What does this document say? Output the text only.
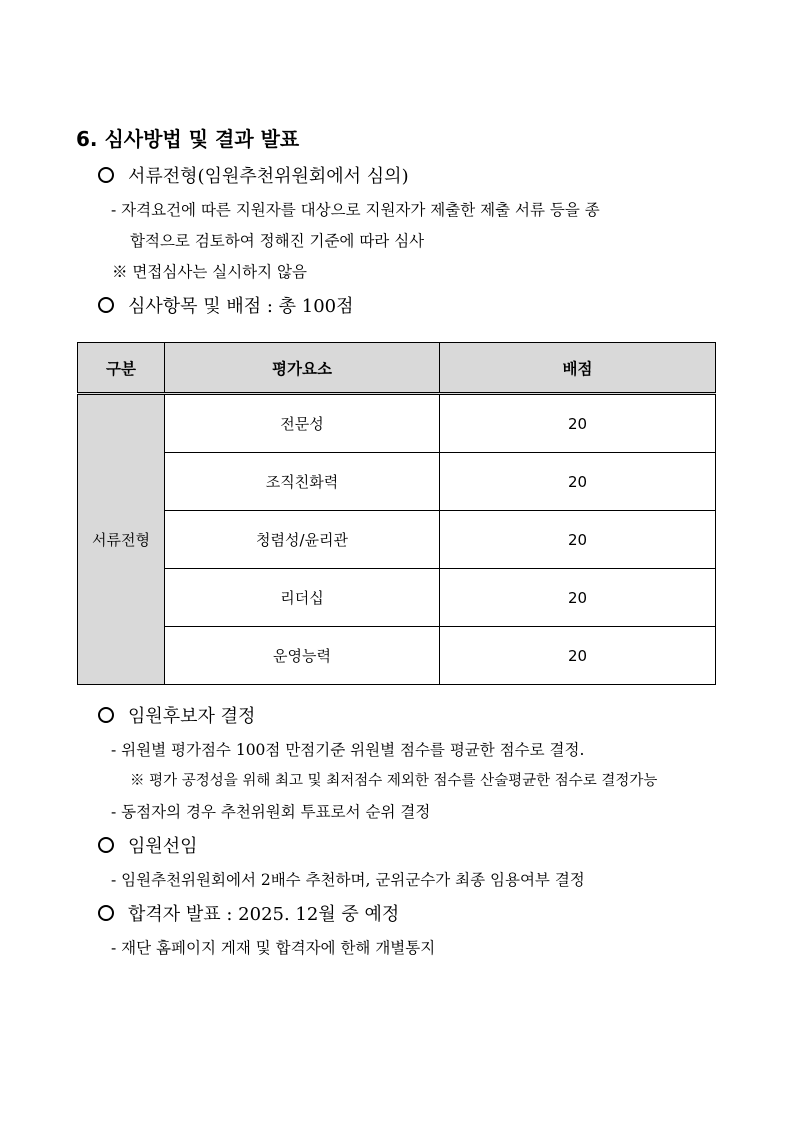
6. 심사방법 및 결과 발표
서류전형(임원추천위원회에서 심의)
- 자격요건에 따른 지원자를 대상으로 지원자가 제출한 제출 서류 등을 종
합적으로 검토하여 정해진 기준에 따라 심사
※ 면접심사는 실시하지 않음
심사항목 및 배점 : 총 100점
구분	평가요소	배점
서류전형	전문성	20
	조직친화력	20
	청렴성/윤리관	20
	리더십	20
	운영능력	20
임원후보자 결정
- 위원별 평가점수 100점 만점기준 위원별 점수를 평균한 점수로 결정.
※ 평가 공정성을 위해 최고 및 최저점수 제외한 점수를 산술평균한 점수로 결정가능
- 동점자의 경우 추천위원회 투표로서 순위 결정
임원선임
- 임원추천위원회에서 2배수 추천하며, 군위군수가 최종 임용여부 결정
합격자 발표 : 2025. 12월 중 예정
- 재단 홈페이지 게재 및 합격자에 한해 개별통지
